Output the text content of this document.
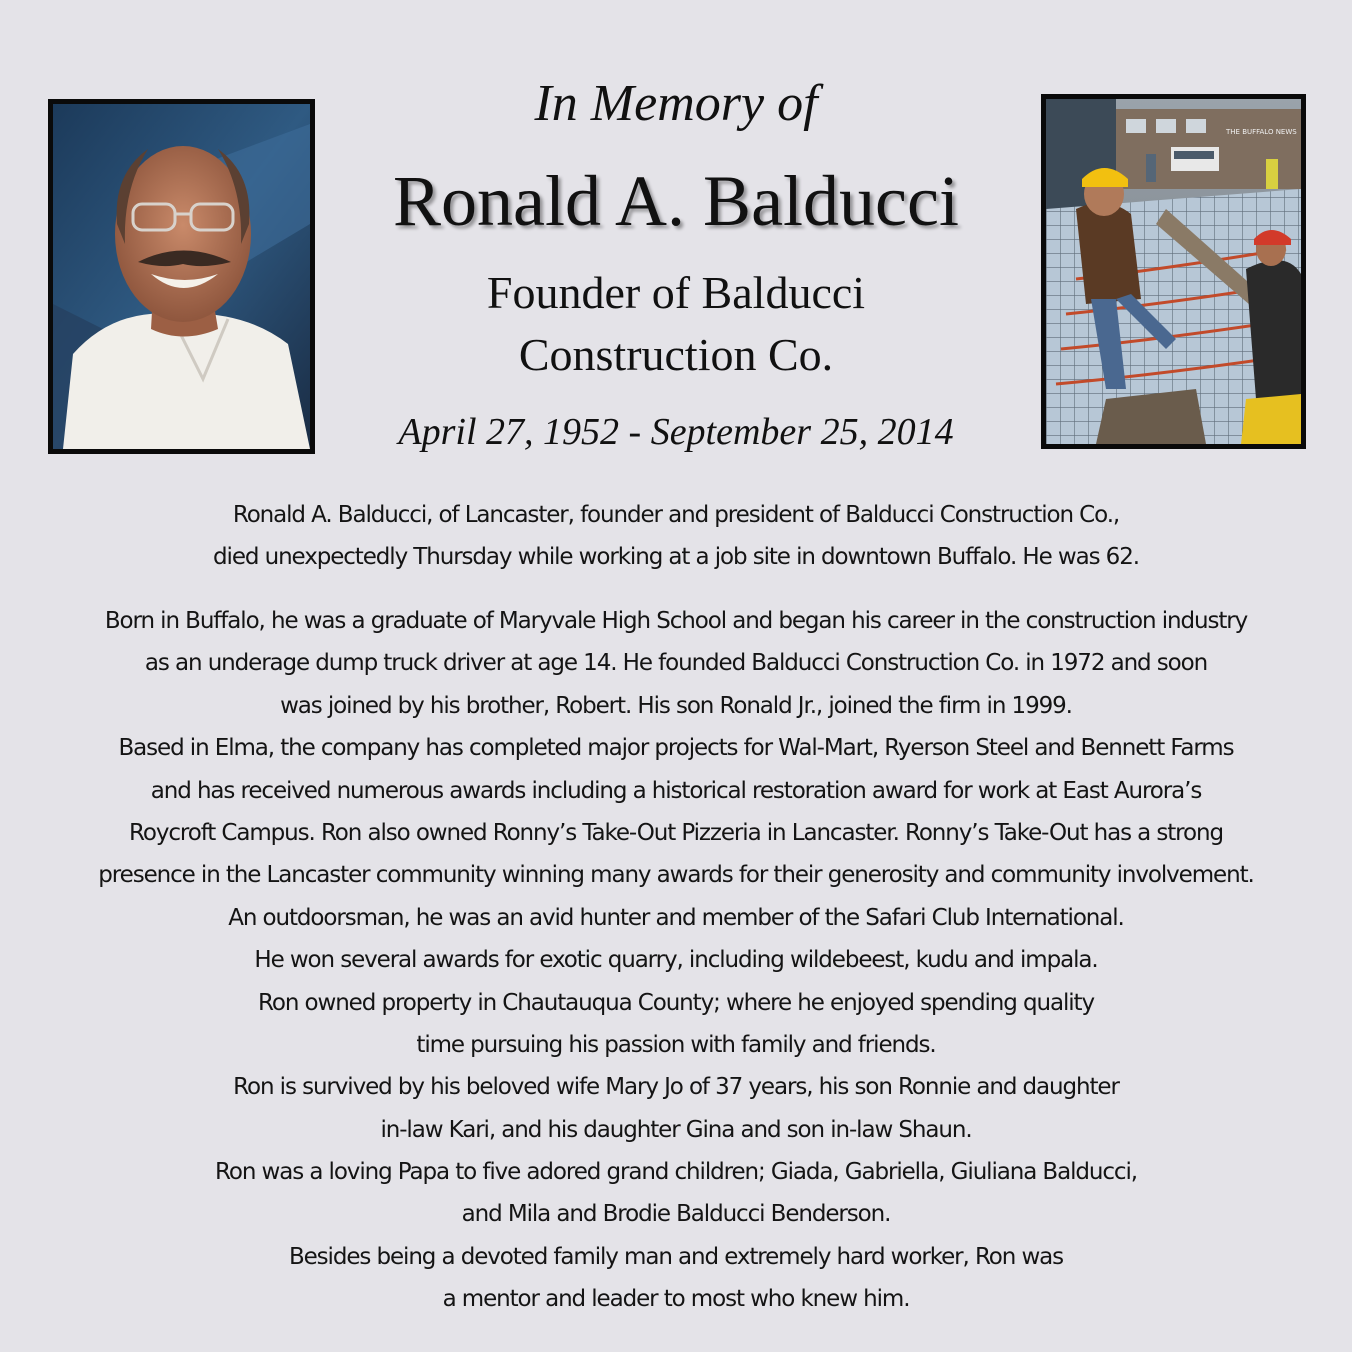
THE BUFFALO NEWS
In Memory of
Ronald A. Balducci
Founder of Balducci
Construction Co.
April 27, 1952 - September 25, 2014
Ronald A. Balducci, of Lancaster, founder and president of Balducci Construction Co.,
died unexpectedly Thursday while working at a job site in downtown Buffalo. He was 62.
Born in Buffalo, he was a graduate of Maryvale High School and began his career in the construction industry
as an underage dump truck driver at age 14. He founded Balducci Construction Co. in 1972 and soon
was joined by his brother, Robert. His son Ronald Jr., joined the firm in 1999.
Based in Elma, the company has completed major projects for Wal-Mart, Ryerson Steel and Bennett Farms
and has received numerous awards including a historical restoration award for work at East Aurora’s
Roycroft Campus. Ron also owned Ronny’s Take-Out Pizzeria in Lancaster. Ronny’s Take-Out has a strong
presence in the Lancaster community winning many awards for their generosity and community involvement.
An outdoorsman, he was an avid hunter and member of the Safari Club International.
He won several awards for exotic quarry, including wildebeest, kudu and impala.
Ron owned property in Chautauqua County; where he enjoyed spending quality
time pursuing his passion with family and friends.
Ron is survived by his beloved wife Mary Jo of 37 years, his son Ronnie and daughter
in-law Kari, and his daughter Gina and son in-law Shaun.
Ron was a loving Papa to five adored grand children; Giada, Gabriella, Giuliana Balducci,
and Mila and Brodie Balducci Benderson.
Besides being a devoted family man and extremely hard worker, Ron was
a mentor and leader to most who knew him.
